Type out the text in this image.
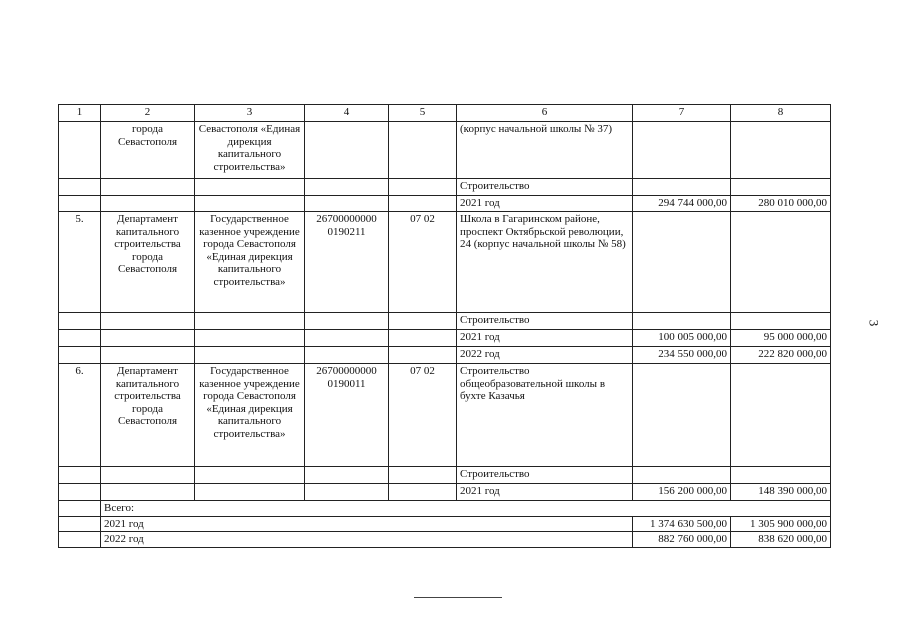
1	2	3	4	5	6	7	8
	города Севастополя	Севастополя «Единая дирекция капитального строительства»			(корпус начальной школы № 37)		
					Строительство		
					2021 год	294 744 000,00	280 010 000,00
5.	Департамент капитального строительства города Севастополя	Государственное казенное учреждение города Севастополя «Единая дирекция капитального строительства»	26700000000 0190211	07 02	Школа в Гагаринском районе, проспект Октябрьской революции, 24 (корпус начальной школы № 58)		
					Строительство		
					2021 год	100 005 000,00	95 000 000,00
					2022 год	234 550 000,00	222 820 000,00
6.	Департамент капитального строительства города Севастополя	Государственное казенное учреждение города Севастополя «Единая дирекция капитального строительства»	26700000000 0190011	07 02	Строительство общеобразовательной школы в бухте Казачья		
					Строительство		
					2021 год	156 200 000,00	148 390 000,00
	Всего:						
	2021 год					1 374 630 500,00	1 305 900 000,00
	2022 год					882 760 000,00	838 620 000,00
3
